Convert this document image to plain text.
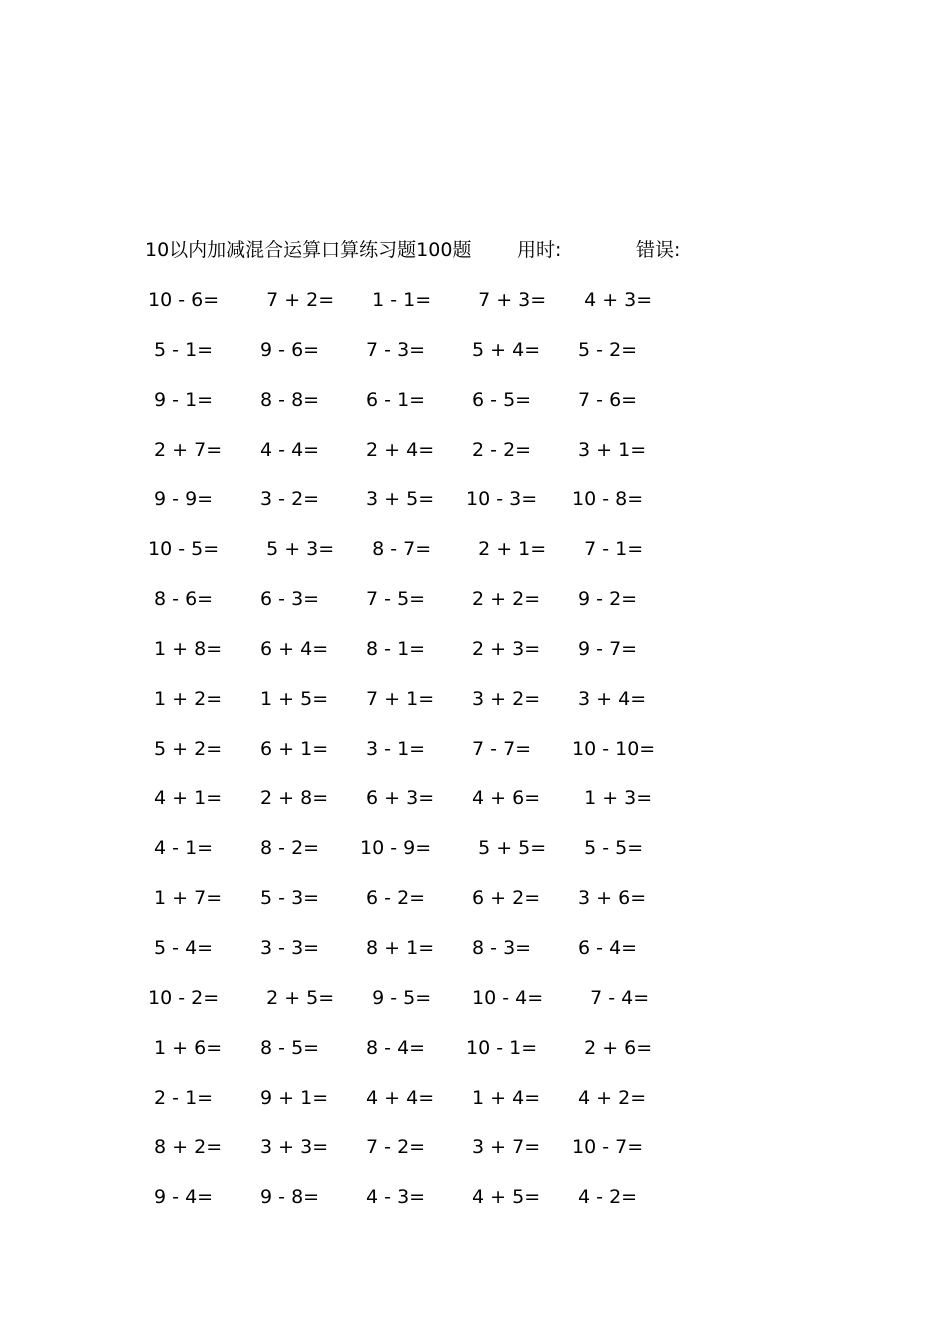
10以内加减混合运算口算练习题100题 用时:	错误:
10 - 6= 7 + 2= 1 - 1= 7 + 3= 4 + 3=
5 - 1= 9 - 6= 7 - 3= 5 + 4= 5 - 2=
9 - 1= 8 - 8= 6 - 1= 6 - 5= 7 - 6=
2 + 7= 4 - 4= 2 + 4= 2 - 2= 3 + 1=
9 - 9= 3 - 2= 3 + 5= 10 - 3= 10 - 8=
10 - 5= 5 + 3= 8 - 7= 2 + 1= 7 - 1=
8 - 6= 6 - 3= 7 - 5= 2 + 2= 9 - 2=
1 + 8= 6 + 4= 8 - 1= 2 + 3= 9 - 7=
1 + 2= 1 + 5= 7 + 1= 3 + 2= 3 + 4=
5 + 2= 6 + 1= 3 - 1= 7 - 7= 10 - 10=
4 + 1= 2 + 8= 6 + 3= 4 + 6= 1 + 3=
4 - 1= 8 - 2= 10 - 9= 5 + 5= 5 - 5=
1 + 7= 5 - 3= 6 - 2= 6 + 2= 3 + 6=
5 - 4= 3 - 3= 8 + 1= 8 - 3= 6 - 4=
10 - 2= 2 + 5= 9 - 5= 10 - 4= 7 - 4=
1 + 6= 8 - 5= 8 - 4= 10 - 1= 2 + 6=
2 - 1= 9 + 1= 4 + 4= 1 + 4= 4 + 2=
8 + 2= 3 + 3= 7 - 2= 3 + 7= 10 - 7=
9 - 4= 9 - 8= 4 - 3= 4 + 5= 4 - 2=
